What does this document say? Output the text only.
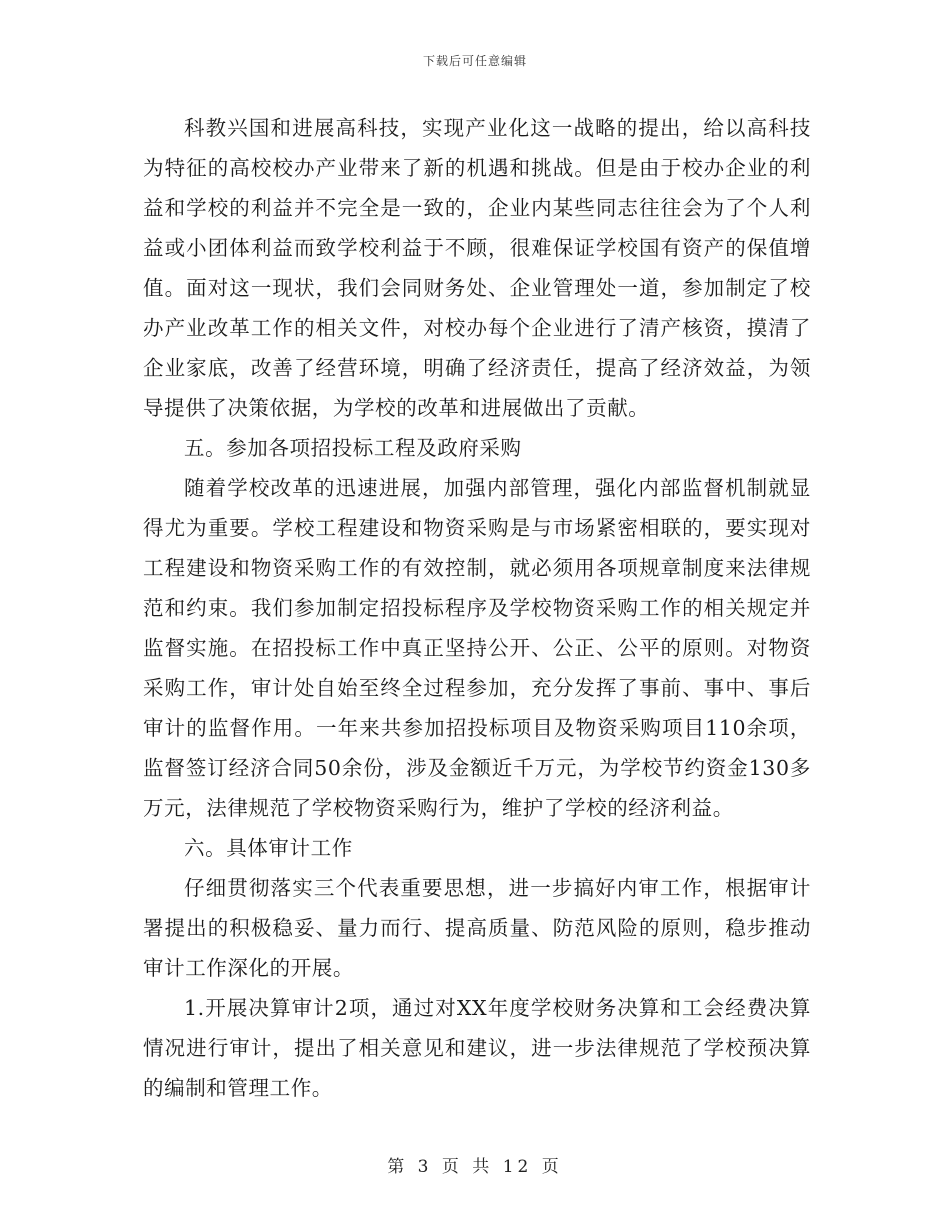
下载后可任意编辑

科教兴国和进展高科技，实现产业化这一战略的提出，给以高科技为特征的高校校办产业带来了新的机遇和挑战。但是由于校办企业的利益和学校的利益并不完全是一致的，企业内某些同志往往会为了个人利益或小团体利益而致学校利益于不顾，很难保证学校国有资产的保值增值。面对这一现状，我们会同财务处、企业管理处一道，参加制定了校办产业改革工作的相关文件，对校办每个企业进行了清产核资，摸清了企业家底，改善了经营环境，明确了经济责任，提高了经济效益，为领导提供了决策依据，为学校的改革和进展做出了贡献。

五。参加各项招投标工程及政府采购

随着学校改革的迅速进展，加强内部管理，强化内部监督机制就显得尤为重要。学校工程建设和物资采购是与市场紧密相联的，要实现对工程建设和物资采购工作的有效控制，就必须用各项规章制度来法律规范和约束。我们参加制定招投标程序及学校物资采购工作的相关规定并监督实施。在招投标工作中真正坚持公开、公正、公平的原则。对物资采购工作，审计处自始至终全过程参加，充分发挥了事前、事中、事后审计的监督作用。一年来共参加招投标项目及物资采购项目110余项，监督签订经济合同50余份，涉及金额近千万元，为学校节约资金130多万元，法律规范了学校物资采购行为，维护了学校的经济利益。

六。具体审计工作

仔细贯彻落实三个代表重要思想，进一步搞好内审工作，根据审计署提出的积极稳妥、量力而行、提高质量、防范风险的原则，稳步推动审计工作深化的开展。

1.开展决算审计2项，通过对XX年度学校财务决算和工会经费决算情况进行审计，提出了相关意见和建议，进一步法律规范了学校预决算的编制和管理工作。

第 3 页 共 12 页
